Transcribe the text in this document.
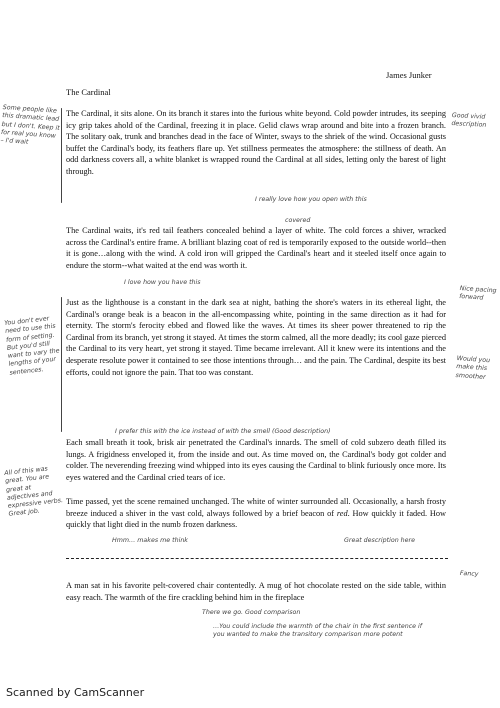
James Junker
The Cardinal

The Cardinal, it sits alone. On its branch it stares into the furious white beyond. Cold powder intrudes, its seeping icy grip takes ahold of the Cardinal, freezing it in place. Gelid claws wrap around and bite into a frozen branch. The solitary oak, trunk and branches dead in the face of Winter, sways to the shriek of the wind. Occasional gusts buffet the Cardinal's body, its feathers flare up. Yet stillness permeates the atmosphere: the stillness of death. An odd darkness covers all, a white blanket is wrapped round the Cardinal at all sides, letting only the barest of light through.

The Cardinal waits, it's red tail feathers concealed behind a layer of white. The cold forces a shiver, wracked across the Cardinal's entire frame. A brilliant blazing coat of red is temporarily exposed to the outside world--then it is gone…along with the wind. A cold iron will gripped the Cardinal's heart and it steeled itself once again to endure the storm--what waited at the end was worth it.

Just as the lighthouse is a constant in the dark sea at night, bathing the shore's waters in its ethereal light, the Cardinal's orange beak is a beacon in the all-encompassing white, pointing in the same direction as it had for eternity. The storm's ferocity ebbed and flowed like the waves. At times its sheer power threatened to rip the Cardinal from its branch, yet strong it stayed. At times the storm calmed, all the more deadly; its cool gaze pierced the Cardinal to its very heart, yet strong it stayed. Time became irrelevant. All it knew were its intentions and the desperate resolute power it contained to see those intentions through… and the pain. The Cardinal, despite its best efforts, could not ignore the pain. That too was constant.

Each small breath it took, brisk air penetrated the Cardinal's innards. The smell of cold subzero death filled its lungs. A frigidness enveloped it, from the inside and out. As time moved on, the Cardinal's body got colder and colder. The neverending freezing wind whipped into its eyes causing the Cardinal to blink furiously once more. Its eyes watered and the Cardinal cried tears of ice.

Time passed, yet the scene remained unchanged. The white of winter surrounded all. Occasionally, a harsh frosty breeze induced a shiver in the vast cold, always followed by a brief beacon of red. How quickly it faded. How quickly that light died in the numb frozen darkness.

A man sat in his favorite pelt-covered chair contentedly. A mug of hot chocolate rested on the side table, within easy reach. The warmth of the fire crackling behind him in the fireplace

Some people like this dramatic lead but I don't. Keep it for real you know – I'd wait
Good vivid description
I really love how you open with this
covered
I love how you have this
You don't ever need to use this form of setting. But you'd still want to vary the lengths of your sentences.
Nice pacing forward
Would you make this smoother
I prefer this with the ice instead of with the smell (Good description)
All of this was great. You are great at adjectives and expressive verbs. Great job.
Hmm… makes me think	Great description here
Fancy
There we go. Good comparison
…You could include the warmth of the chair in the first sentence if you wanted to make the transitory comparison more potent
Scanned by CamScanner
